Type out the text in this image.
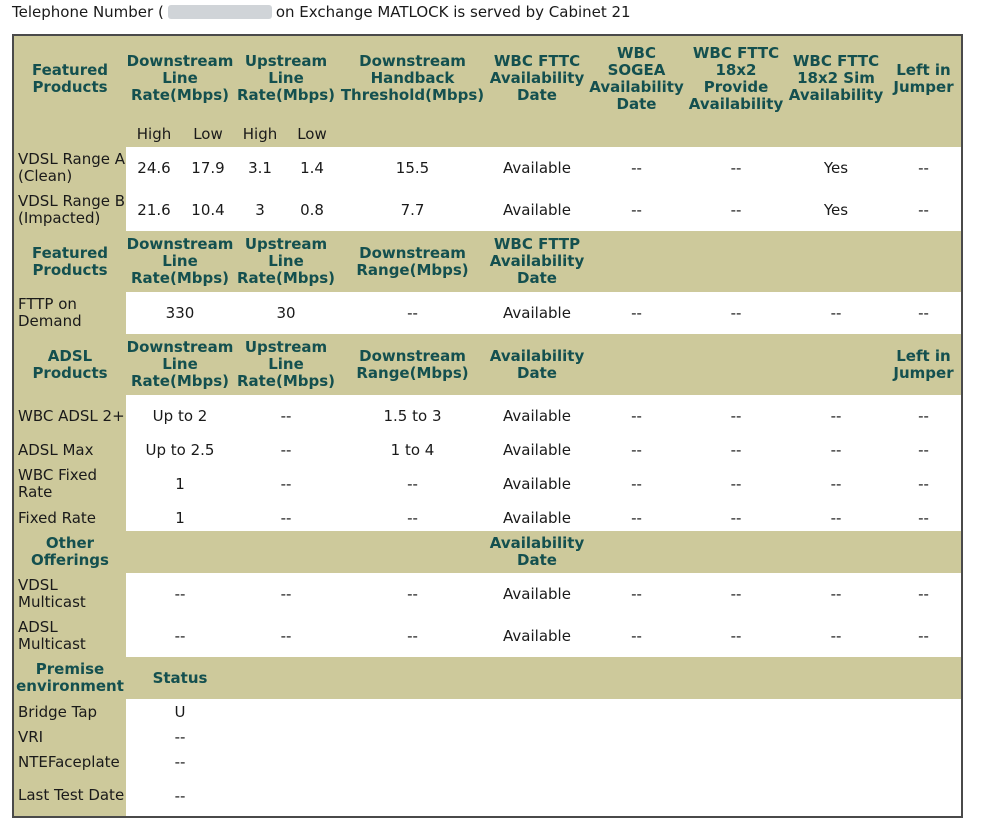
Telephone Number (	on Exchange MATLOCK is served by Cabinet 21
Featured Products	Downstream Line Rate(Mbps)		Upstream Line Rate(Mbps)		Downstream Handback Threshold(Mbps)	WBC FTTC Availability Date	WBC SOGEA Availability Date	WBC FTTC 18x2 Provide Availability	WBC FTTC 18x2 Sim Availability	Left in Jumper
	High	Low	High	Low						
VDSL Range A (Clean)	24.6	17.9	3.1	1.4	15.5	Available	--	--	Yes	--
VDSL Range B (Impacted)	21.6	10.4	3	0.8	7.7	Available	--	--	Yes	--
Featured Products	Downstream Line Rate(Mbps)		Upstream Line Rate(Mbps)		Downstream Range(Mbps)	WBC FTTP Availability Date				
FTTP on Demand	330		30		--	Available	--	--	--	--
ADSL Products	Downstream Line Rate(Mbps)		Upstream Line Rate(Mbps)		Downstream Range(Mbps)	Availability Date				Left in Jumper
WBC ADSL 2+	Up to 2		--		1.5 to 3	Available	--	--	--	--
ADSL Max	Up to 2.5		--		1 to 4	Available	--	--	--	--
WBC Fixed Rate	1		--		--	Available	--	--	--	--
Fixed Rate	1		--		--	Available	--	--	--	--
Other Offerings						Availability Date				
VDSL Multicast	--		--		--	Available	--	--	--	--
ADSL Multicast	--		--		--	Available	--	--	--	--
Premise environment	Status									
Bridge Tap	U									
VRI	--									
NTEFaceplate	--									
Last Test Date	--									
